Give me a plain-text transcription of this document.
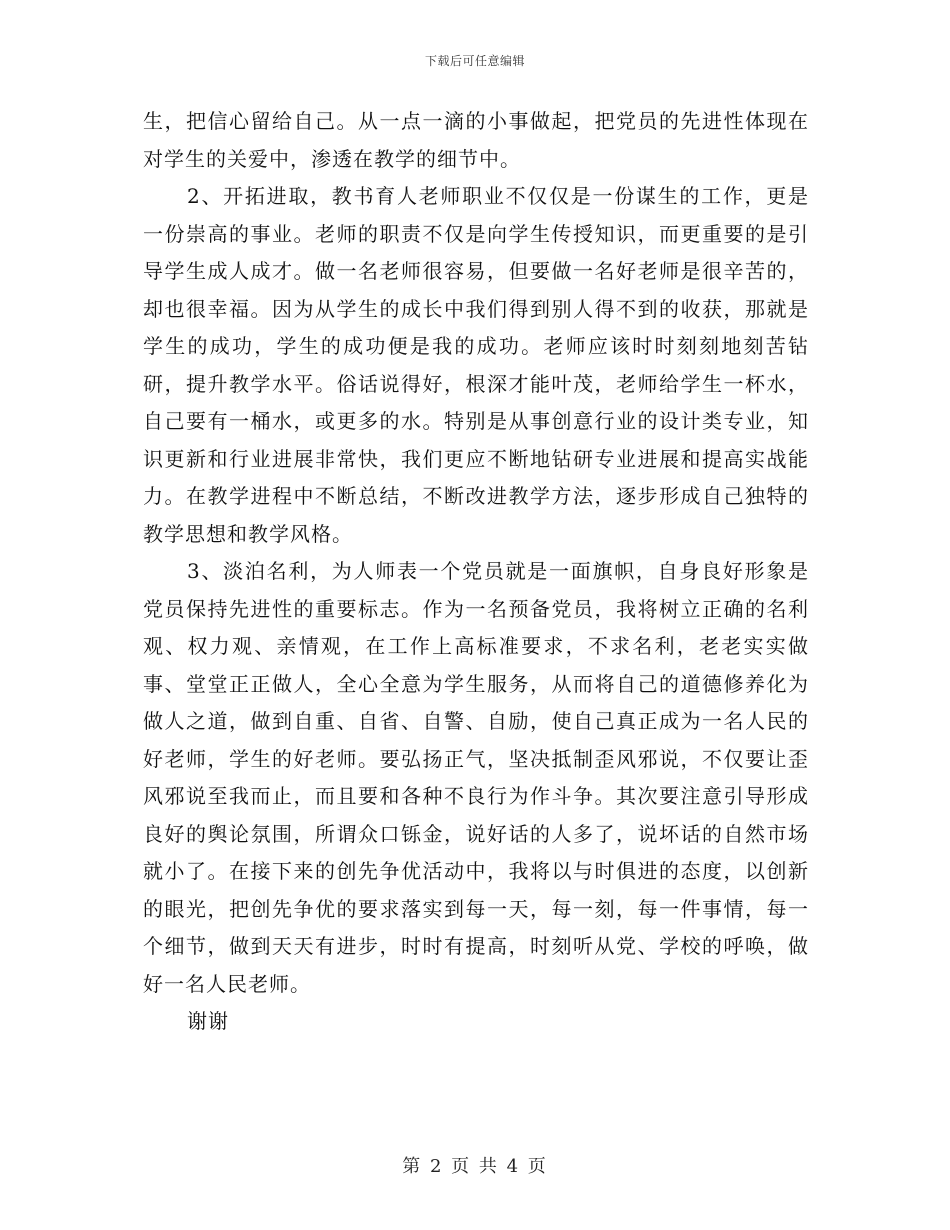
下载后可任意编辑

生，把信心留给自己。从一点一滴的小事做起，把党员的先进性体现在对学生的关爱中，渗透在教学的细节中。

2、开拓进取，教书育人老师职业不仅仅是一份谋生的工作，更是一份崇高的事业。老师的职责不仅是向学生传授知识，而更重要的是引导学生成人成才。做一名老师很容易，但要做一名好老师是很辛苦的，却也很幸福。因为从学生的成长中我们得到别人得不到的收获，那就是学生的成功，学生的成功便是我的成功。老师应该时时刻刻地刻苦钻研，提升教学水平。俗话说得好，根深才能叶茂，老师给学生一杯水，自己要有一桶水，或更多的水。特别是从事创意行业的设计类专业，知识更新和行业进展非常快，我们更应不断地钻研专业进展和提高实战能力。在教学进程中不断总结，不断改进教学方法，逐步形成自己独特的教学思想和教学风格。

3、淡泊名利，为人师表一个党员就是一面旗帜，自身良好形象是党员保持先进性的重要标志。作为一名预备党员，我将树立正确的名利观、权力观、亲情观，在工作上高标准要求，不求名利，老老实实做事、堂堂正正做人，全心全意为学生服务，从而将自己的道德修养化为做人之道，做到自重、自省、自警、自励，使自己真正成为一名人民的好老师，学生的好老师。要弘扬正气，坚决抵制歪风邪说，不仅要让歪风邪说至我而止，而且要和各种不良行为作斗争。其次要注意引导形成良好的舆论氛围，所谓众口铄金，说好话的人多了，说坏话的自然市场就小了。在接下来的创先争优活动中，我将以与时俱进的态度，以创新的眼光，把创先争优的要求落实到每一天，每一刻，每一件事情，每一个细节，做到天天有进步，时时有提高，时刻听从党、学校的呼唤，做好一名人民老师。

谢谢

第 2 页 共 4 页
